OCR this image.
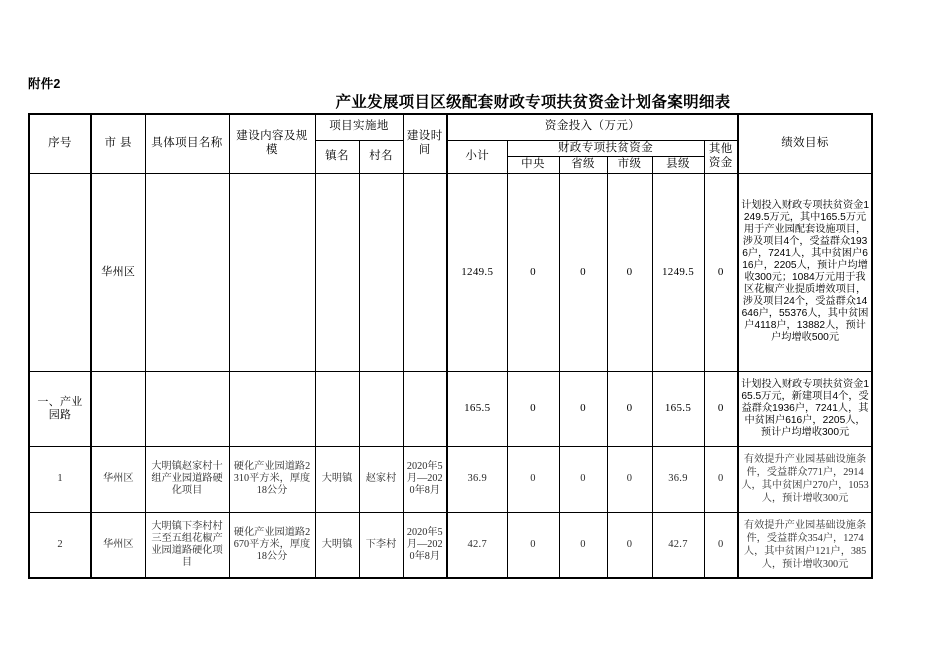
附件2
产业发展项目区级配套财政专项扶贫资金计划备案明细表
序号	市 县	具体项目名称	建设内容及规模	项目实施地		建设时间	资金投入（万元）						绩效目标
				镇名	村名		小计	财政专项扶贫资金				其他资金	
								中央	省级	市级	县级		
	华州区						1249.5	0	0	0	1249.5	0	计划投入财政专项扶贫资金1249.5万元，其中165.5万元用于产业园配套设施项目，涉及项目4个，受益群众1936户，7241人，其中贫困户616户，2205人，预计户均增收300元；1084万元用于我区花椒产业提质增效项目，涉及项目24个，受益群众14646户，55376人，其中贫困户4118户，13882人，预计户均增收500元
一、产业园路							165.5	0	0	0	165.5	0	计划投入财政专项扶贫资金165.5万元，新建项目4个，受益群众1936户，7241人，其中贫困户616户，2205人，预计户均增收300元
1	华州区	大明镇赵家村十组产业园道路硬化项目	硬化产业园道路2310平方米，厚度18公分	大明镇	赵家村	2020年5月—2020年8月	36.9	0	0	0	36.9	0	有效提升产业园基础设施条件，受益群众771户，2914人，其中贫困户270户，1053人，预计增收300元
2	华州区	大明镇下李村村三至五组花椒产业园道路硬化项目	硬化产业园道路2670平方米，厚度18公分	大明镇	下李村	2020年5月—2020年8月	42.7	0	0	0	42.7	0	有效提升产业园基础设施条件，受益群众354户，1274人，其中贫困户121户，385人，预计增收300元
